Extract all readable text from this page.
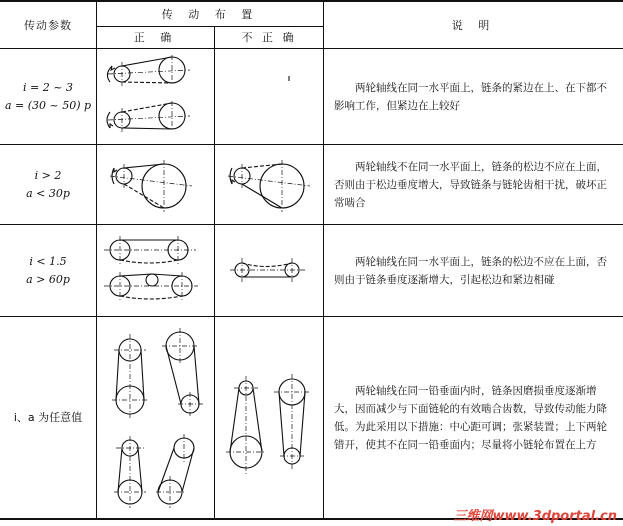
传动参数
传 动 布 置
正 确	不 正 确
说 明
i = 2 ~ 3
a = (30 ~ 50) p
两轮轴线在同一水平面上，链条的紧边在上、在下都不影响工作，但紧边在上较好
i > 2
a < 30p
两轮轴线不在同一水平面上，链条的松边不应在上面，否则由于松边垂度增大，导致链条与链轮齿相干扰，破坏正常啮合
i < 1.5
a > 60p
两轮轴线在同一水平面上，链条的松边不应在上面，否则由于链条垂度逐渐增大，引起松边和紧边相碰
i、a 为任意值
两轮轴线在同一铅垂面内时，链条因磨损垂度逐渐增大，因而减少与下面链轮的有效啮合齿数，导致传动能力降低。为此采用以下措施：中心距可调；张紧装置；上下两轮错开，使其不在同一铅垂面内；尽量将小链轮布置在上方
三维网www.3dportal.cn
